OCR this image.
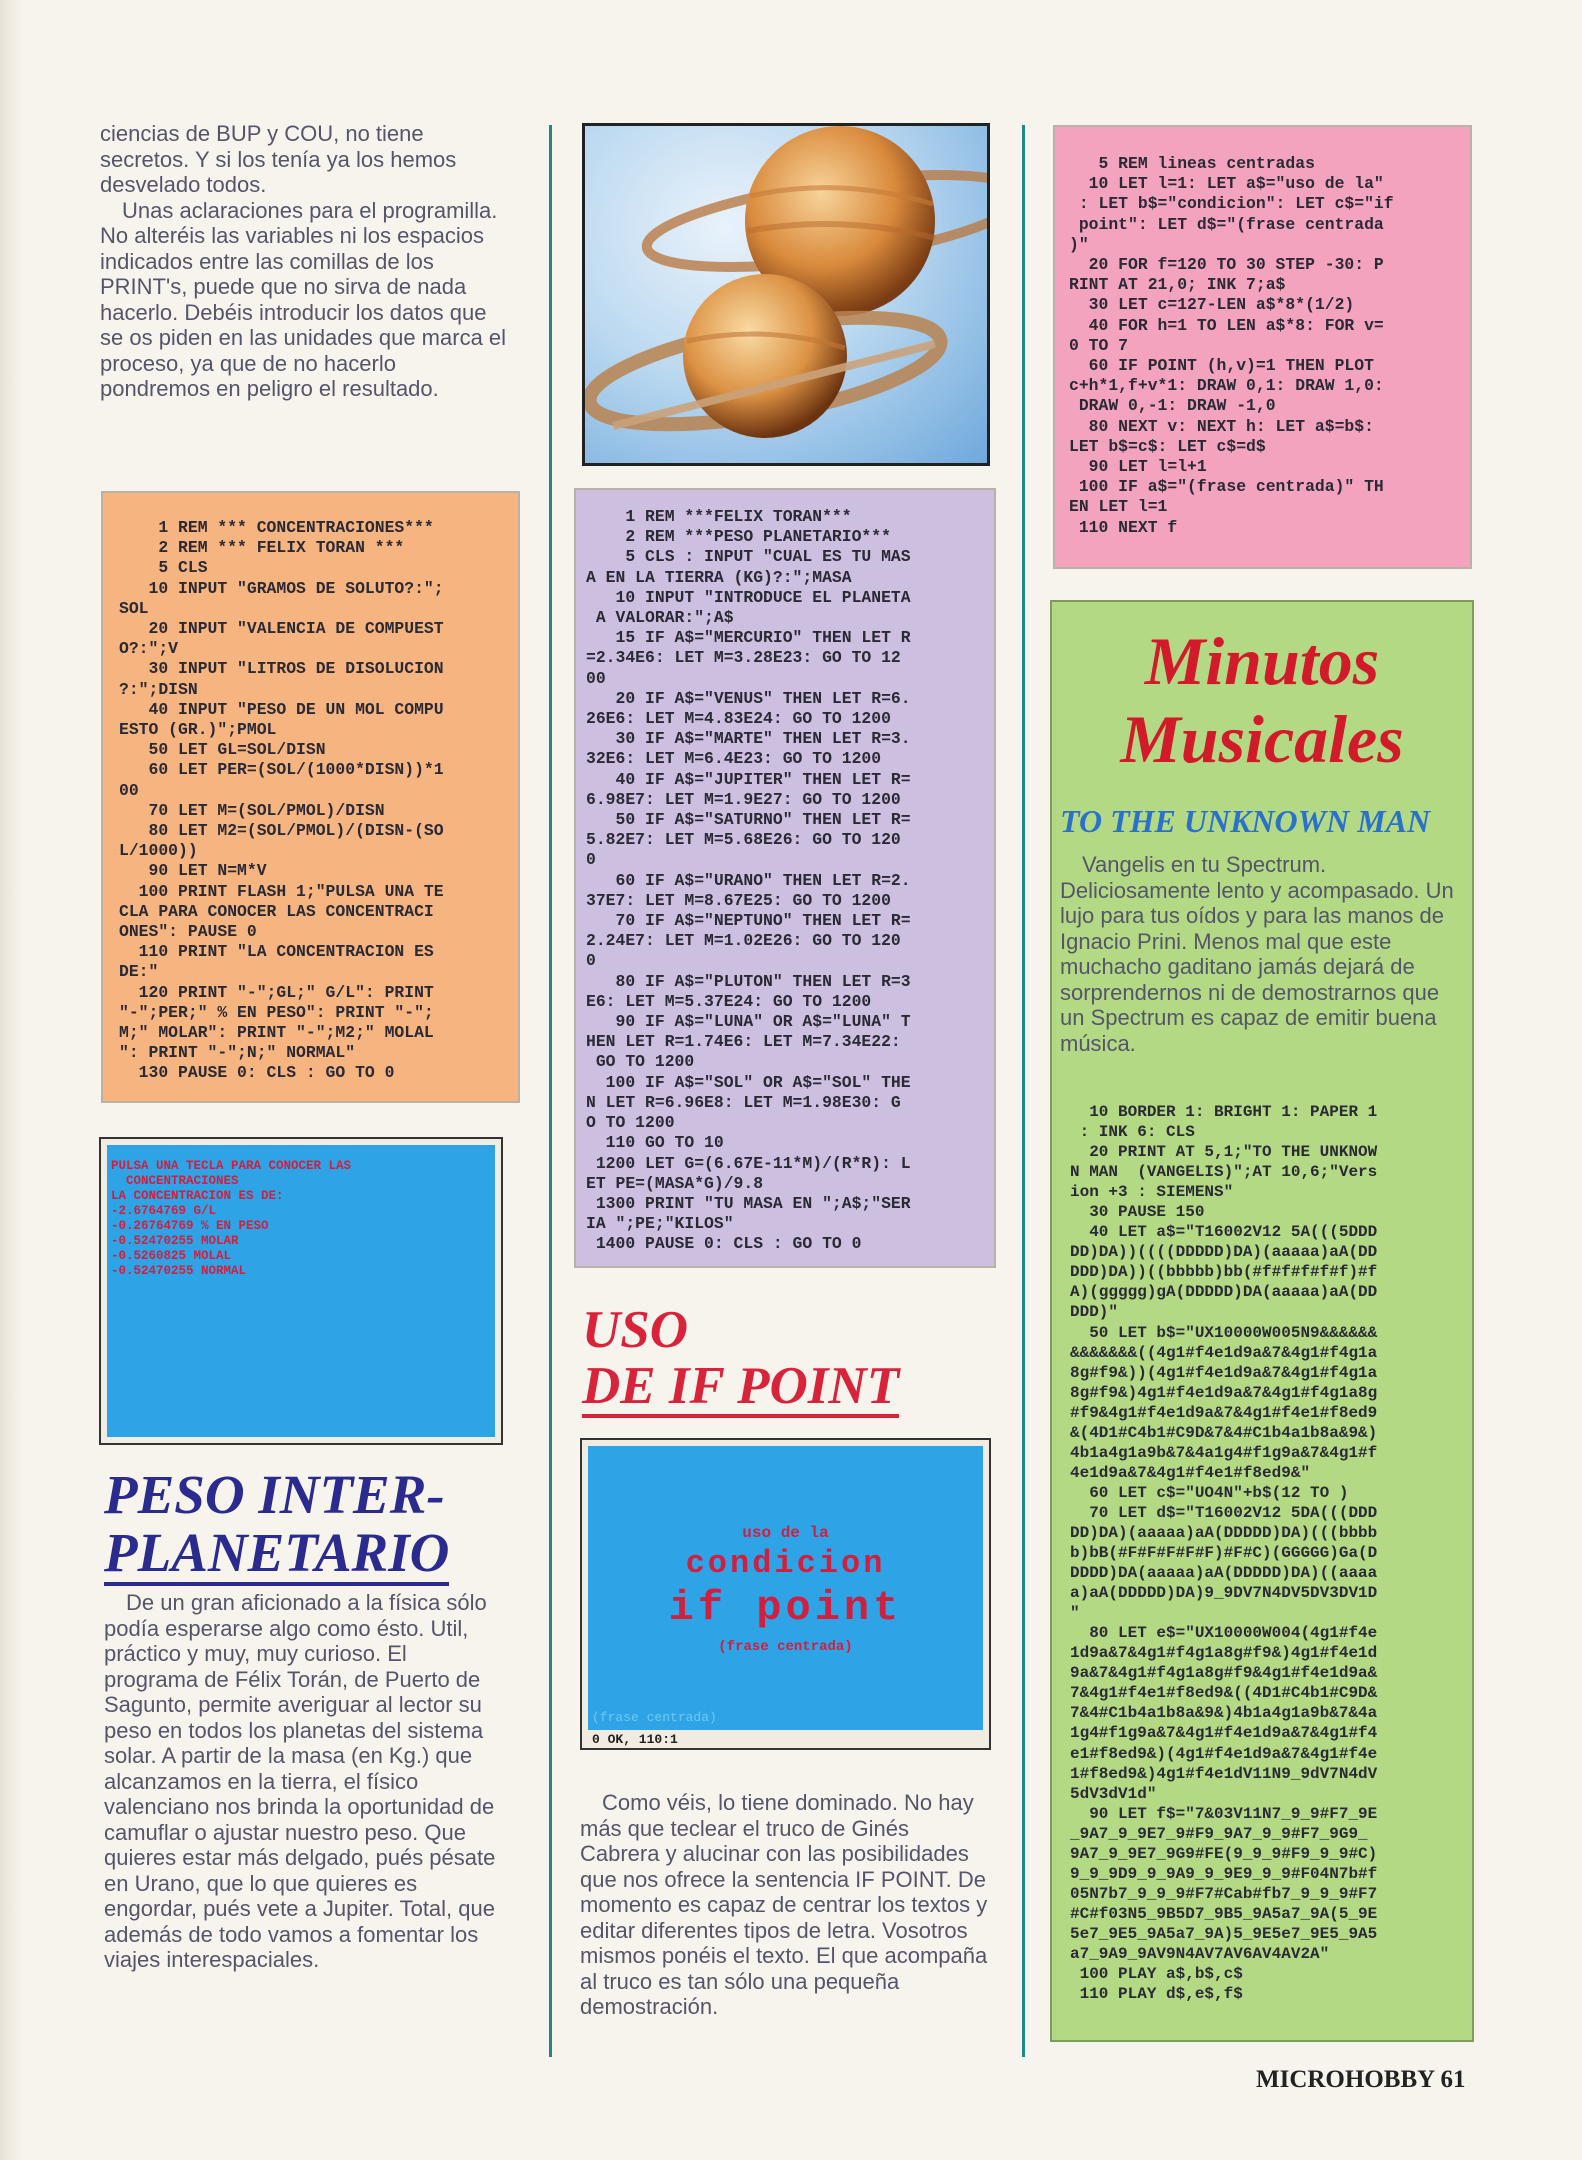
ciencias de BUP y COU, no tiene secretos. Y si los tenía ya los hemos desvelado todos.

Unas aclaraciones para el programilla. No alteréis las variables ni los espacios indicados entre las comillas de los PRINT's, puede que no sirva de nada hacerlo. Debéis introducir los datos que se os piden en las unidades que marca el proceso, ya que de no hacerlo pondremos en peligro el resultado.

1 REM *** CONCENTRACIONES***
2 REM *** FELIX TORAN ***
5 CLS
10 INPUT "GRAMOS DE SOLUTO?:";
SOL
20 INPUT "VALENCIA DE COMPUEST
O?:";V
30 INPUT "LITROS DE DISOLUCION
?:";DISN
40 INPUT "PESO DE UN MOL COMPU
ESTO (GR.)";PMOL
50 LET GL=SOL/DISN
60 LET PER=(SOL/(1000*DISN))*1
00
70 LET M=(SOL/PMOL)/DISN
80 LET M2=(SOL/PMOL)/(DISN-(SO
L/1000))
90 LET N=M*V
100 PRINT FLASH 1;"PULSA UNA TE
CLA PARA CONOCER LAS CONCENTRACI
ONES": PAUSE 0
110 PRINT "LA CONCENTRACION ES
DE:"
120 PRINT "-";GL;" G/L": PRINT
"-";PER;" % EN PESO": PRINT "-";
M;" MOLAR": PRINT "-";M2;" MOLAL
": PRINT "-";N;" NORMAL"
130 PAUSE 0: CLS : GO TO 0
PULSA UNA TECLA PARA CONOCER LAS
CONCENTRACIONES
LA CONCENTRACION ES DE:
-2.6764769 G/L
-0.26764769 % EN PESO
-0.52470255 MOLAR
-0.5260825 MOLAL
-0.52470255 NORMAL
PESO INTER-
PLANETARIO

De un gran aficionado a la física sólo podía esperarse algo como ésto. Util, práctico y muy, muy curioso. El programa de Félix Torán, de Puerto de Sagunto, permite averiguar al lector su peso en todos los planetas del sistema solar. A partir de la masa (en Kg.) que alcanzamos en la tierra, el físico valenciano nos brinda la oportunidad de camuflar o ajustar nuestro peso. Que quieres estar más delgado, pués pésate en Urano, que lo que quieres es engordar, pués vete a Jupiter. Total, que además de todo vamos a fomentar los viajes interespaciales.

1 REM ***FELIX TORAN***
2 REM ***PESO PLANETARIO***
5 CLS : INPUT "CUAL ES TU MAS
A EN LA TIERRA (KG)?:";MASA
10 INPUT "INTRODUCE EL PLANETA
A VALORAR:";A$
15 IF A$="MERCURIO" THEN LET R
=2.34E6: LET M=3.28E23: GO TO 12
00
20 IF A$="VENUS" THEN LET R=6.
26E6: LET M=4.83E24: GO TO 1200
30 IF A$="MARTE" THEN LET R=3.
32E6: LET M=6.4E23: GO TO 1200
40 IF A$="JUPITER" THEN LET R=
6.98E7: LET M=1.9E27: GO TO 1200
50 IF A$="SATURNO" THEN LET R=
5.82E7: LET M=5.68E26: GO TO 120
0
60 IF A$="URANO" THEN LET R=2.
37E7: LET M=8.67E25: GO TO 1200
70 IF A$="NEPTUNO" THEN LET R=
2.24E7: LET M=1.02E26: GO TO 120
0
80 IF A$="PLUTON" THEN LET R=3
E6: LET M=5.37E24: GO TO 1200
90 IF A$="LUNA" OR A$="LUNA" T
HEN LET R=1.74E6: LET M=7.34E22:
GO TO 1200
100 IF A$="SOL" OR A$="SOL" THE
N LET R=6.96E8: LET M=1.98E30: G
O TO 1200
110 GO TO 10
1200 LET G=(6.67E-11*M)/(R*R): L
ET PE=(MASA*G)/9.8
1300 PRINT "TU MASA EN ";A$;"SER
IA ";PE;"KILOS"
1400 PAUSE 0: CLS : GO TO 0
USO
DE IF POINT
uso de la
condicion
if point
(frase centrada)
(frase centrada)
0 OK, 110:1

Como véis, lo tiene dominado. No hay más que teclear el truco de Ginés Cabrera y alucinar con las posibilidades que nos ofrece la sentencia IF POINT. De momento es capaz de centrar los textos y editar diferentes tipos de letra. Vosotros mismos ponéis el texto. El que acompaña al truco es tan sólo una pequeña demostración.

5 REM lineas centradas
10 LET l=1: LET a$="uso de la"
: LET b$="condicion": LET c$="if
point": LET d$="(frase centrada
)"
20 FOR f=120 TO 30 STEP -30: P
RINT AT 21,0; INK 7;a$
30 LET c=127-LEN a$*8*(1/2)
40 FOR h=1 TO LEN a$*8: FOR v=
0 TO 7
60 IF POINT (h,v)=1 THEN PLOT
c+h*1,f+v*1: DRAW 0,1: DRAW 1,0:
DRAW 0,-1: DRAW -1,0
80 NEXT v: NEXT h: LET a$=b$:
LET b$=c$: LET c$=d$
90 LET l=l+1
100 IF a$="(frase centrada)" TH
EN LET l=1
110 NEXT f
Minutos
Musicales
TO THE UNKNOWN MAN

Vangelis en tu Spectrum. Deliciosamente lento y acompasado. Un lujo para tus oídos y para las manos de Ignacio Prini. Menos mal que este muchacho gaditano jamás dejará de sorprendernos ni de demostrarnos que un Spectrum es capaz de emitir buena música.

10 BORDER 1: BRIGHT 1: PAPER 1
: INK 6: CLS
20 PRINT AT 5,1;"TO THE UNKNOW
N MAN  (VANGELIS)";AT 10,6;"Vers
ion +3 : SIEMENS"
30 PAUSE 150
40 LET a$="T16002V12 5A(((5DDD
DD)DA))((((DDDDD)DA)(aaaaa)aA(DD
DDD)DA))((bbbbb)bb(#f#f#f#f#f)#f
A)(ggggg)gA(DDDDD)DA(aaaaa)aA(DD
DDD)"
50 LET b$="UX10000W005N9&&&&&&
&&&&&&&((4g1#f4e1d9a&7&4g1#f4g1a
8g#f9&))(4g1#f4e1d9a&7&4g1#f4g1a
8g#f9&)4g1#f4e1d9a&7&4g1#f4g1a8g
#f9&4g1#f4e1d9a&7&4g1#f4e1#f8ed9
&(4D1#C4b1#C9D&7&4#C1b4a1b8a&9&)
4b1a4g1a9b&7&4a1g4#f1g9a&7&4g1#f
4e1d9a&7&4g1#f4e1#f8ed9&"
60 LET c$="UO4N"+b$(12 TO )
70 LET d$="T16002V12 5DA(((DDD
DD)DA)(aaaaa)aA(DDDDD)DA)(((bbbb
b)bB(#F#F#F#F#F)#F#C)(GGGGG)Ga(D
DDDD)DA(aaaaa)aA(DDDDD)DA)((aaaa
a)aA(DDDDD)DA)9_9DV7N4DV5DV3DV1D
"
80 LET e$="UX10000W004(4g1#f4e
1d9a&7&4g1#f4g1a8g#f9&)4g1#f4e1d
9a&7&4g1#f4g1a8g#f9&4g1#f4e1d9a&
7&4g1#f4e1#f8ed9&((4D1#C4b1#C9D&
7&4#C1b4a1b8a&9&)4b1a4g1a9b&7&4a
1g4#f1g9a&7&4g1#f4e1d9a&7&4g1#f4
e1#f8ed9&)(4g1#f4e1d9a&7&4g1#f4e
1#f8ed9&)4g1#f4e1dV11N9_9dV7N4dV
5dV3dV1d"
90 LET f$="7&03V11N7_9_9#F7_9E
_9A7_9_9E7_9#F9_9A7_9_9#F7_9G9_
9A7_9_9E7_9G9#FE(9_9_9#F9_9_9#C)
9_9_9D9_9_9A9_9_9E9_9_9#F04N7b#f
05N7b7_9_9_9#F7#Cab#fb7_9_9_9#F7
#C#f03N5_9B5D7_9B5_9A5a7_9A(5_9E
5e7_9E5_9A5a7_9A)5_9E5e7_9E5_9A5
a7_9A9_9AV9N4AV7AV6AV4AV2A"
100 PLAY a$,b$,c$
110 PLAY d$,e$,f$
MICROHOBBY 61
